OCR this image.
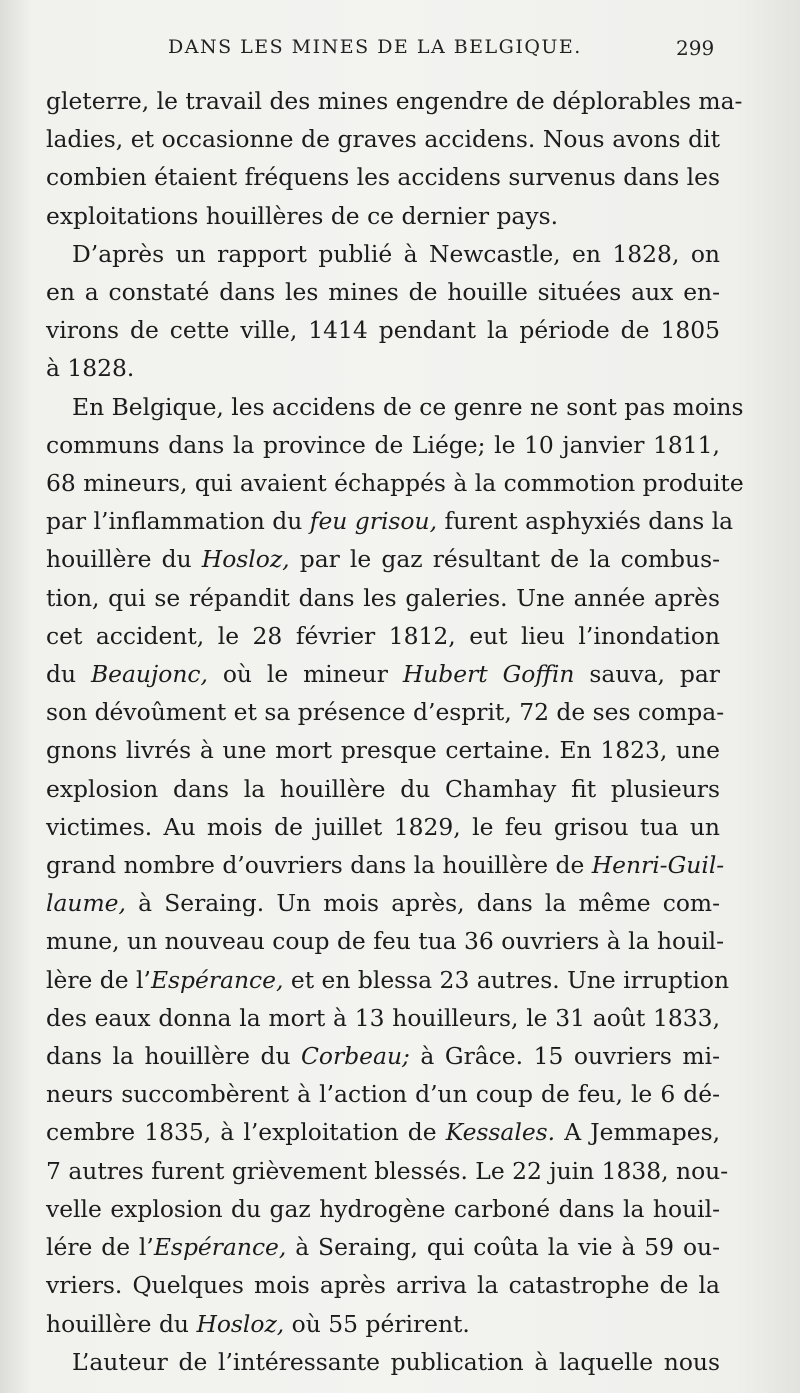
DANS LES MINES DE LA BELGIQUE.	299
gleterre, le travail des mines engendre de déplorables ma-
ladies, et occasionne de graves accidens. Nous avons dit
combien étaient fréquens les accidens survenus dans les
exploitations houillères de ce dernier pays.
D’après un rapport publié à Newcastle, en 1828, on
en a constaté dans les mines de houille situées aux en-
virons de cette ville, 1414 pendant la période de 1805
à 1828.
En Belgique, les accidens de ce genre ne sont pas moins
communs dans la province de Liége; le 10 janvier 1811,
68 mineurs, qui avaient échappés à la commotion produite
par l’inflammation du feu grisou, furent asphyxiés dans la
houillère du Hosloz, par le gaz résultant de la combus-
tion, qui se répandit dans les galeries. Une année après
cet accident, le 28 février 1812, eut lieu l’inondation
du Beaujonc, où le mineur Hubert Goffin sauva, par
son dévoûment et sa présence d’esprit, 72 de ses compa-
gnons livrés à une mort presque certaine. En 1823, une
explosion dans la houillère du Chamhay fit plusieurs
victimes. Au mois de juillet 1829, le feu grisou tua un
grand nombre d’ouvriers dans la houillère de Henri-Guil-
laume, à Seraing. Un mois après, dans la même com-
mune, un nouveau coup de feu tua 36 ouvriers à la houil-
lère de l’Espérance, et en blessa 23 autres. Une irruption
des eaux donna la mort à 13 houilleurs, le 31 août 1833,
dans la houillère du Corbeau; à Grâce. 15 ouvriers mi-
neurs succombèrent à l’action d’un coup de feu, le 6 dé-
cembre 1835, à l’exploitation de Kessales. A Jemmapes,
7 autres furent grièvement blessés. Le 22 juin 1838, nou-
velle explosion du gaz hydrogène carboné dans la houil-
lére de l’Espérance, à Seraing, qui coûta la vie à 59 ou-
vriers. Quelques mois après arriva la catastrophe de la
houillère du Hosloz, où 55 périrent.
L’auteur de l’intéressante publication à laquelle nous
